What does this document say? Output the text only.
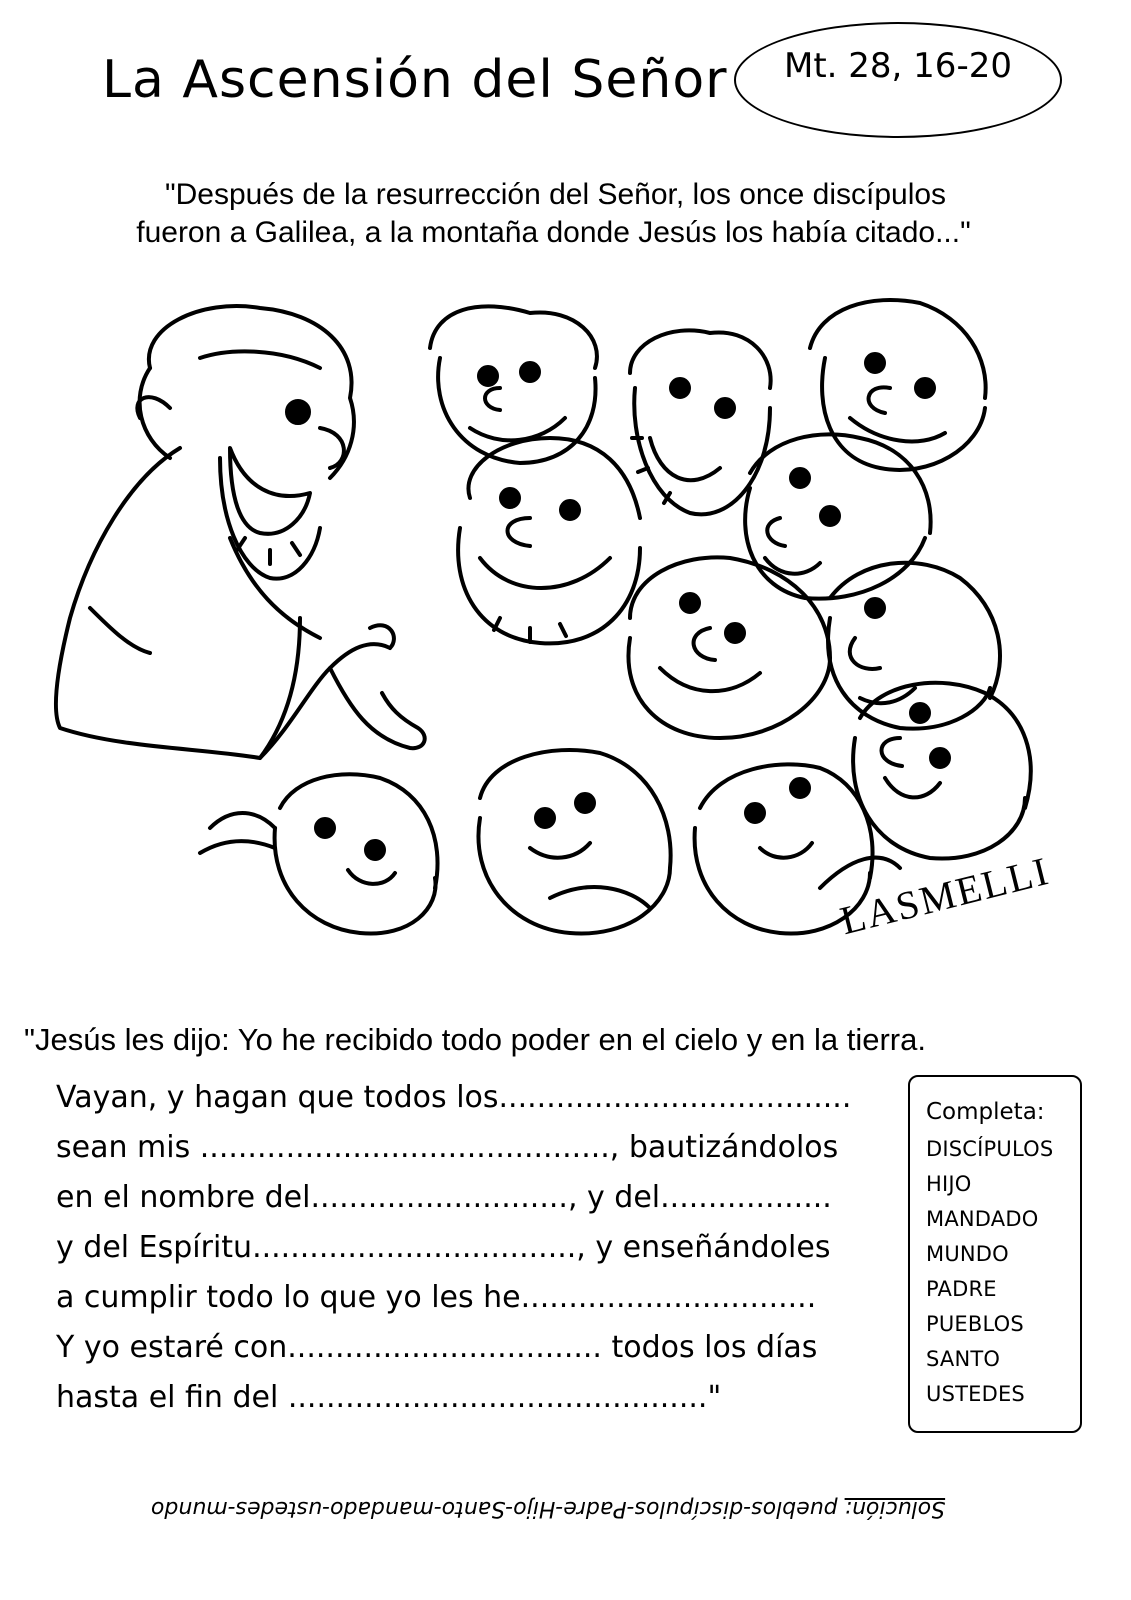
La Ascensión del Señor Mt. 28, 16-20
"Después de la resurrección del Señor, los once discípulos
fueron a Galilea, a la montaña donde Jesús los había citado..."
LASMELLI
"Jesús les dijo: Yo he recibido todo poder en el cielo y en la tierra.
Vayan, y hagan que todos los.....................................
sean mis ..........................................., bautizándolos
en el nombre del..........................., y del..................
y del Espíritu.................................., y enseñándoles
a cumplir todo lo que yo les he...............................
Y yo estaré con................................. todos los días
hasta el fin del ............................................"
Completa:
DISCÍPULOS
HIJO
MANDADO
MUNDO
PADRE
PUEBLOS
SANTO
USTEDES
Solución: pueblos-discípulos-Padre-Hijo-Santo-mandado-ustedes-mundo
